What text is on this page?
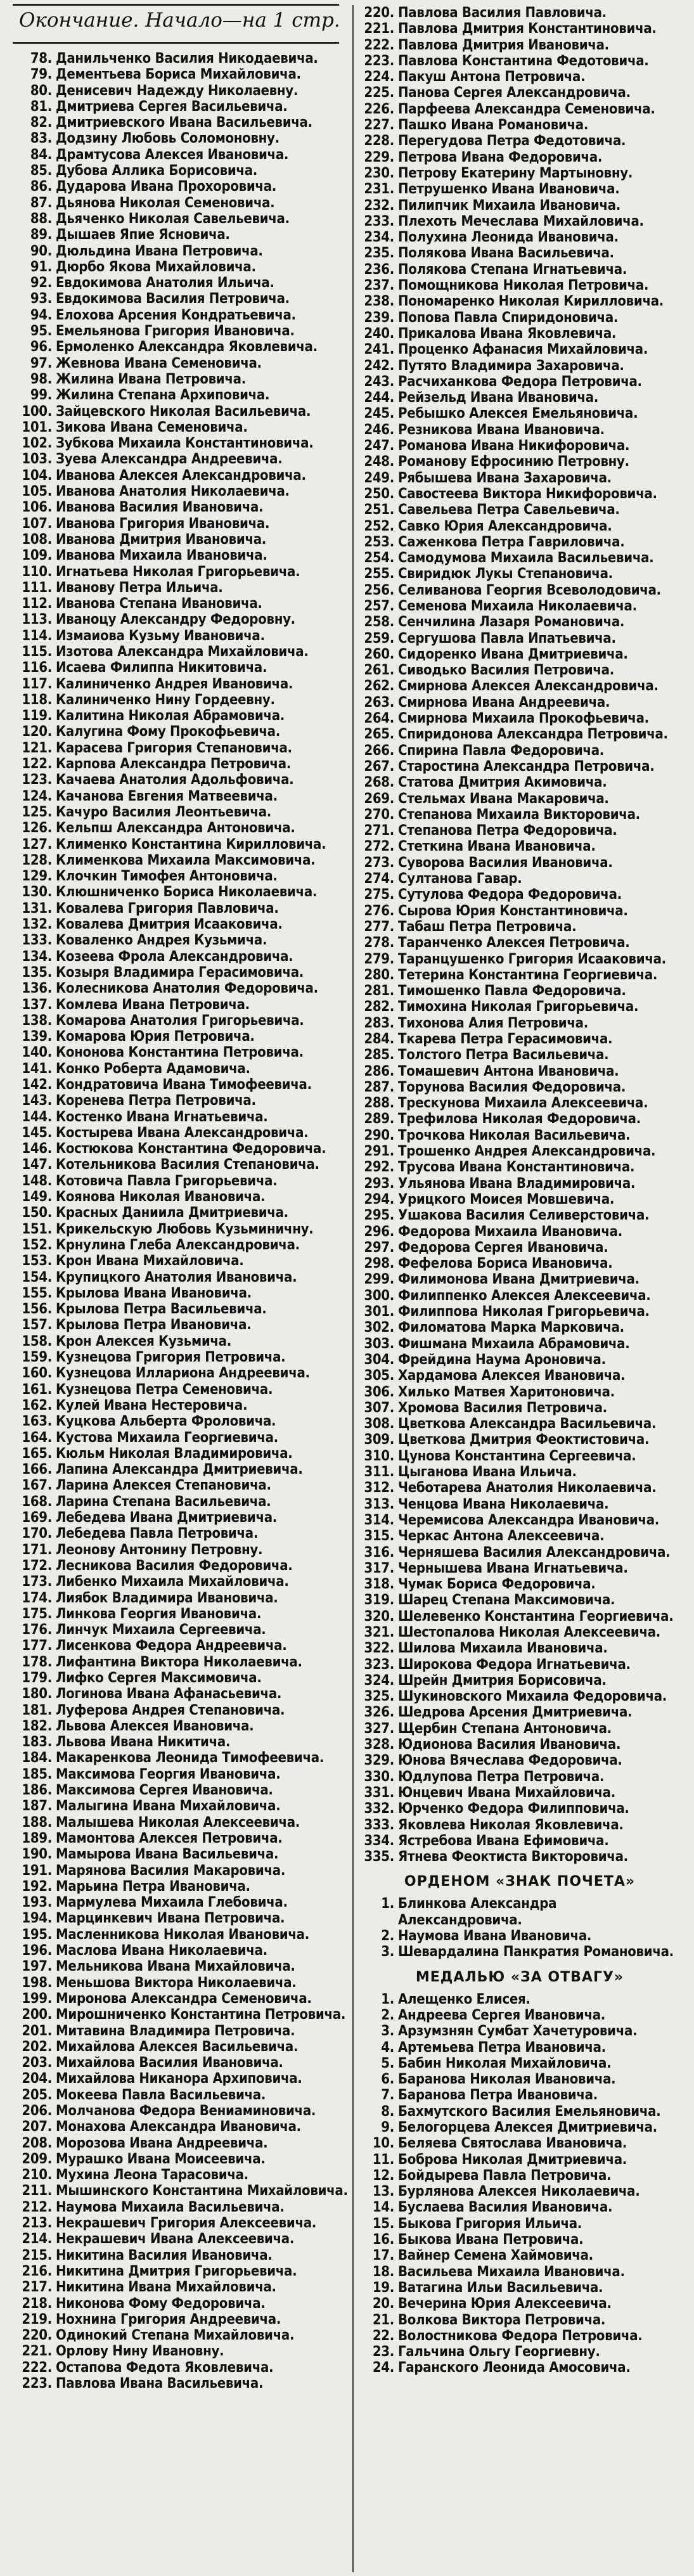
Окончание. Начало—на 1 стр.
78. Данильченко Василия Никодаевича.
79. Дементьева Бориса Михайловича.
80. Денисевич Надежду Николаевну.
81. Дмитриева Сергея Васильевича.
82. Дмитриевского Ивана Васильевича.
83. Додзину Любовь Соломоновну.
84. Драмтусова Алексея Ивановича.
85. Дубова Аллика Борисовича.
86. Дударова Ивана Прохоровича.
87. Дьянова Николая Семеновича.
88. Дьяченко Николая Савельевича.
89. Дышаев Япие Ясновича.
90. Дюльдина Ивана Петровича.
91. Дюрбо Якова Михайловича.
92. Евдокимова Анатолия Ильича.
93. Евдокимова Василия Петровича.
94. Елохова Арсения Кондратьевича.
95. Емельянова Григория Ивановича.
96. Ермоленко Александра Яковлевича.
97. Жевнова Ивана Семеновича.
98. Жилина Ивана Петровича.
99. Жилина Степана Архиповича.
100. Зайцевского Николая Васильевича.
101. Зикова Ивана Семеновича.
102. Зубкова Михаила Константиновича.
103. Зуева Александра Андреевича.
104. Иванова Алексея Александровича.
105. Иванова Анатолия Николаевича.
106. Иванова Василия Ивановича.
107. Иванова Григория Ивановича.
108. Иванова Дмитрия Ивановича.
109. Иванова Михаила Ивановича.
110. Игнатьева Николая Григорьевича.
111. Иванову Петра Ильича.
112. Иванова Степана Ивановича.
113. Иваноцу Александру Федоровну.
114. Измаиова Кузьму Ивановича.
115. Изотова Александра Михайловича.
116. Исаева Филиппа Никитовича.
117. Калиниченко Андрея Ивановича.
118. Калиниченко Нину Гордеевну.
119. Калитина Николая Абрамовича.
120. Калугина Фому Прокофьевича.
121. Карасева Григория Степановича.
122. Карпова Александра Петровича.
123. Качаева Анатолия Адольфовича.
124. Качанова Евгения Матвеевича.
125. Качуро Василия Леонтьевича.
126. Кельпш Александра Антоновича.
127. Клименко Константина Кирилловича.
128. Клименкова Михаила Максимовича.
129. Клочкин Тимофея Антоновича.
130. Клюшниченко Бориса Николаевича.
131. Ковалева Григория Павловича.
132. Ковалева Дмитрия Исааковича.
133. Коваленко Андрея Кузьмича.
134. Козеева Фрола Александровича.
135. Козыря Владимира Герасимовича.
136. Колесникова Анатолия Федоровича.
137. Комлева Ивана Петровича.
138. Комарова Анатолия Григорьевича.
139. Комарова Юрия Петровича.
140. Кононова Константина Петровича.
141. Конко Роберта Адамовича.
142. Кондратовича Ивана Тимофеевича.
143. Коренева Петра Петровича.
144. Костенко Ивана Игнатьевича.
145. Костырева Ивана Александровича.
146. Костюкова Константина Федоровича.
147. Котельникова Василия Степановича.
148. Котовича Павла Григорьевича.
149. Коянова Николая Ивановича.
150. Красных Даниила Дмитриевича.
151. Крикельскую Любовь Кузьминичну.
152. Крнулина Глеба Александровича.
153. Крон Ивана Михайловича.
154. Крупицкого Анатолия Ивановича.
155. Крылова Ивана Ивановича.
156. Крылова Петра Васильевича.
157. Крылова Петра Ивановича.
158. Крон Алексея Кузьмича.
159. Кузнецова Григория Петровича.
160. Кузнецова Иллариона Андреевича.
161. Кузнецова Петра Семеновича.
162. Кулей Ивана Нестеровича.
163. Куцкова Альберта Фроловича.
164. Кустова Михаила Георгиевича.
165. Кюльм Николая Владимировича.
166. Лапина Александра Дмитриевича.
167. Ларина Алексея Степановича.
168. Ларина Степана Васильевича.
169. Лебедева Ивана Дмитриевича.
170. Лебедева Павла Петровича.
171. Леонову Антонину Петровну.
172. Лесникова Василия Федоровича.
173. Либенко Михаила Михайловича.
174. Лиябок Владимира Ивановича.
175. Линкова Георгия Ивановича.
176. Линчук Михаила Сергеевича.
177. Лисенкова Федора Андреевича.
178. Лифантина Виктора Николаевича.
179. Лифко Сергея Максимовича.
180. Логинова Ивана Афанасьевича.
181. Луферова Андрея Степановича.
182. Львова Алексея Ивановича.
183. Львова Ивана Никитича.
184. Макаренкова Леонида Тимофеевича.
185. Максимова Георгия Ивановича.
186. Максимова Сергея Ивановича.
187. Малыгина Ивана Михайловича.
188. Малышева Николая Алексеевича.
189. Мамонтова Алексея Петровича.
190. Мамырова Ивана Васильевича.
191. Марянова Василия Макаровича.
192. Марьина Петра Ивановича.
193. Мармулева Михаила Глебовича.
194. Марцинкевич Ивана Петровича.
195. Масленникова Николая Ивановича.
196. Маслова Ивана Николаевича.
197. Мельникова Ивана Михайловича.
198. Меньшова Виктора Николаевича.
199. Миронова Александра Семеновича.
200. Мирошниченко Константина Петровича.
201. Митавина Владимира Петровича.
202. Михайлова Алексея Васильевича.
203. Михайлова Василия Ивановича.
204. Михайлова Никанора Архиповича.
205. Мокеева Павла Васильевича.
206. Молчанова Федора Вениаминовича.
207. Монахова Александра Ивановича.
208. Морозова Ивана Андреевича.
209. Мурашко Ивана Моисеевича.
210. Мухина Леона Тарасовича.
211. Мышинского Константина Михайловича.
212. Наумова Михаила Васильевича.
213. Некрашевич Григория Алексеевича.
214. Некрашевич Ивана Алексеевича.
215. Никитина Василия Ивановича.
216. Никитина Дмитрия Григорьевича.
217. Никитина Ивана Михайловича.
218. Никонова Фому Федоровича.
219. Нохнина Григория Андреевича.
220. Одинокий Степана Михайловича.
221. Орлову Нину Ивановну.
222. Остапова Федота Яковлевича.
223. Павлова Ивана Васильевича.
220. Павлова Василия Павловича.
221. Павлова Дмитрия Константиновича.
222. Павлова Дмитрия Ивановича.
223. Павлова Константина Федотовича.
224. Пакуш Антона Петровича.
225. Панова Сергея Александровича.
226. Парфеева Александра Семеновича.
227. Пашко Ивана Романовича.
228. Перегудова Петра Федотовича.
229. Петрова Ивана Федоровича.
230. Петрову Екатерину Мартыновну.
231. Петрушенко Ивана Ивановича.
232. Пилипчик Михаила Ивановича.
233. Плехоть Мечеслава Михайловича.
234. Полухина Леонида Ивановича.
235. Полякова Ивана Васильевича.
236. Полякова Степана Игнатьевича.
237. Помощникова Николая Петровича.
238. Пономаренко Николая Кирилловича.
239. Попова Павла Спиридоновича.
240. Прикалова Ивана Яковлевича.
241. Проценко Афанасия Михайловича.
242. Путято Владимира Захаровича.
243. Расчиханкова Федора Петровича.
244. Рейзельд Ивана Ивановича.
245. Ребышко Алексея Емельяновича.
246. Резникова Ивана Ивановича.
247. Романова Ивана Никифоровича.
248. Романову Ефросинию Петровну.
249. Рябышева Ивана Захаровича.
250. Савостеева Виктора Никифоровича.
251. Савельева Петра Савельевича.
252. Савко Юрия Александровича.
253. Саженкова Петра Гавриловича.
254. Самодумова Михаила Васильевича.
255. Свиридюк Лукы Степановича.
256. Селиванова Георгия Всеволодовича.
257. Семенова Михаила Николаевича.
258. Сенчилина Лазаря Романовича.
259. Сергушова Павла Ипатьевича.
260. Сидоренко Ивана Дмитриевича.
261. Сиводько Василия Петровича.
262. Смирнова Алексея Александровича.
263. Смирнова Ивана Андреевича.
264. Смирнова Михаила Прокофьевича.
265. Спиридонова Александра Петровича.
266. Спирина Павла Федоровича.
267. Старостина Александра Петровича.
268. Статова Дмитрия Акимовича.
269. Стельмах Ивана Макаровича.
270. Степанова Михаила Викторовича.
271. Степанова Петра Федоровича.
272. Стеткина Ивана Ивановича.
273. Суворова Василия Ивановича.
274. Султанова Гавар.
275. Сутулова Федора Федоровича.
276. Сырова Юрия Константиновича.
277. Табаш Петра Петровича.
278. Таранченко Алексея Петровича.
279. Таранцушенко Григория Исааковича.
280. Тетерина Константина Георгиевича.
281. Тимошенко Павла Федоровича.
282. Тимохина Николая Григорьевича.
283. Тихонова Алия Петровича.
284. Ткарева Петра Герасимовича.
285. Толстого Петра Васильевича.
286. Томашевич Антона Ивановича.
287. Торунова Василия Федоровича.
288. Трескунова Михаила Алексеевича.
289. Трефилова Николая Федоровича.
290. Трочкова Николая Васильевича.
291. Трошенко Андрея Александровича.
292. Трусова Ивана Константиновича.
293. Ульянова Ивана Владимировича.
294. Урицкого Моисея Мовшевича.
295. Ушакова Василия Селиверстовича.
296. Федорова Михаила Ивановича.
297. Федорова Сергея Ивановича.
298. Фефелова Бориса Ивановича.
299. Филимонова Ивана Дмитриевича.
300. Филиппенко Алексея Алексеевича.
301. Филиппова Николая Григорьевича.
302. Филоматова Марка Марковича.
303. Фишмана Михаила Абрамовича.
304. Фрейдина Наума Ароновича.
305. Хардамова Алексея Ивановича.
306. Хилько Матвея Харитоновича.
307. Хромова Василия Петровича.
308. Цветкова Александра Васильевича.
309. Цветкова Дмитрия Феоктистовича.
310. Цунова Константина Сергеевича.
311. Цыганова Ивана Ильича.
312. Чеботарева Анатолия Николаевича.
313. Ченцова Ивана Николаевича.
314. Черемисова Александра Ивановича.
315. Черкас Антона Алексеевича.
316. Черняшева Василия Александровича.
317. Чернышева Ивана Игнатьевича.
318. Чумак Бориса Федоровича.
319. Шарец Степана Максимовича.
320. Шелевенко Константина Георгиевича.
321. Шестопалова Николая Алексеевича.
322. Шилова Михаила Ивановича.
323. Широкова Федора Игнатьевича.
324. Шрейн Дмитрия Борисовича.
325. Шукиновского Михаила Федоровича.
326. Шедрова Арсения Дмитриевича.
327. Щербин Степана Антоновича.
328. Юдионова Василия Ивановича.
329. Юнова Вячеслава Федоровича.
330. Юдлупова Петра Петровича.
331. Юнцевич Ивана Михайловича.
332. Юрченко Федора Филипповича.
333. Яковлева Николая Яковлевича.
334. Ястребова Ивана Ефимовича.
335. Ятнева Феоктиста Викторовича.
ОРДЕНОМ «ЗНАК ПОЧЕТА»
1. Блинкова Александра Александровича.
2. Наумова Ивана Ивановича.
3. Шевардалина Панкратия Романовича.
МЕДАЛЬЮ «ЗА ОТВАГУ»
1. Алещенко Елисея.
2. Андреева Сергея Ивановича.
3. Арзумзнян Сумбат Хачетуровича.
4. Артемьева Петра Ивановича.
5. Бабин Николая Михайловича.
6. Баранова Николая Ивановича.
7. Баранова Петра Ивановича.
8. Бахмутского Василия Емельяновича.
9. Белогорцева Алексея Дмитриевича.
10. Беляева Святослава Ивановича.
11. Боброва Николая Дмитриевича.
12. Бойдырева Павла Петровича.
13. Бурлянова Алексея Николаевича.
14. Буслаева Василия Ивановича.
15. Быкова Григория Ильича.
16. Быкова Ивана Петровича.
17. Вайнер Семена Хаймовича.
18. Васильева Михаила Ивановича.
19. Ватагина Ильи Васильевича.
20. Вечерина Юрия Алексеевича.
21. Волкова Виктора Петровича.
22. Волостникова Федора Петровича.
23. Гальчина Ольгу Георгиевну.
24. Гаранского Леонида Амосовича.
